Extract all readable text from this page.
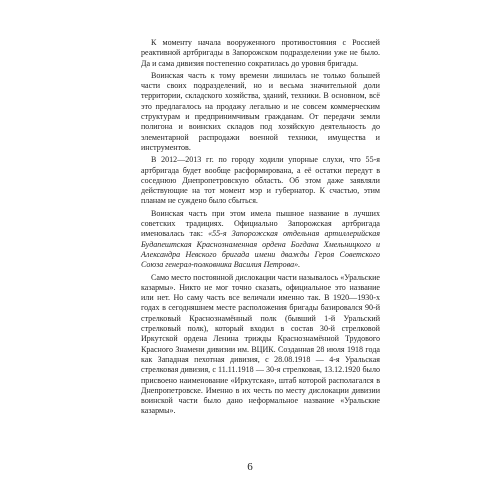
К моменту начала вооруженного противостояния с Россией реактивной артбригады в Запорожском подразделении уже не было. Да и сама дивизия постепенно сократилась до уровня бригады.

Воинская часть к тому времени лишилась не только большей части своих подразделений, но и весьма значительной доли территории, складского хозяйства, зданий, техники. В основном, всё это предлагалось на продажу легально и не совсем коммерческим структурам и предпринимчивым гражданам. От передачи земли полигона и воинских складов под хозяйскую деятельность до элементарной распродажи военной техники, имущества и инструментов.

В 2012—2013 гг. по городу ходили упорные слухи, что 55-я артбригада будет вообще расформирована, а её остатки передут в соседнюю Днепропетровскую область. Об этом даже заявляли действующие на тот момент мэр и губернатор. К счастью, этим планам не суждено было сбыться.

Воинская часть при этом имела пышное название в лучших советских традициях. Официально Запорожская артбригада именовалась так: «55-я Запорожская отдельная артиллерийская Будапештская Краснознаменная ордена Богдана Хмельницкого и Александра Невского бригада имени дважды Героя Советского Союза генерал-полковника Василия Петрова».

Само место постоянной дислокации части называлось «Уральские казармы». Никто не мог точно сказать, официальное это название или нет. Но саму часть все величали именно так. В 1920—1930-х годах в сегодняшнем месте расположения бригады базировался 90-й стрелковый Краснознамённый полк (бывший 1-й Уральский стрелковый полк), который входил в состав 30-й стрелковой Иркутской ордена Ленина трижды Краснознамённой Трудового Красного Знамени дивизии им. ВЦИК. Созданная 28 июля 1918 года как Западная пехотная дивизия, с 28.08.1918 — 4-я Уральская стрелковая дивизия, с 11.11.1918 — 30-я стрелковая, 13.12.1920 было присвоено наименование «Иркутская», штаб которой располагался в Днепропетровске. Именно в их честь по месту дислокации дивизии воинской части было дано неформальное название «Уральские казармы».

6
